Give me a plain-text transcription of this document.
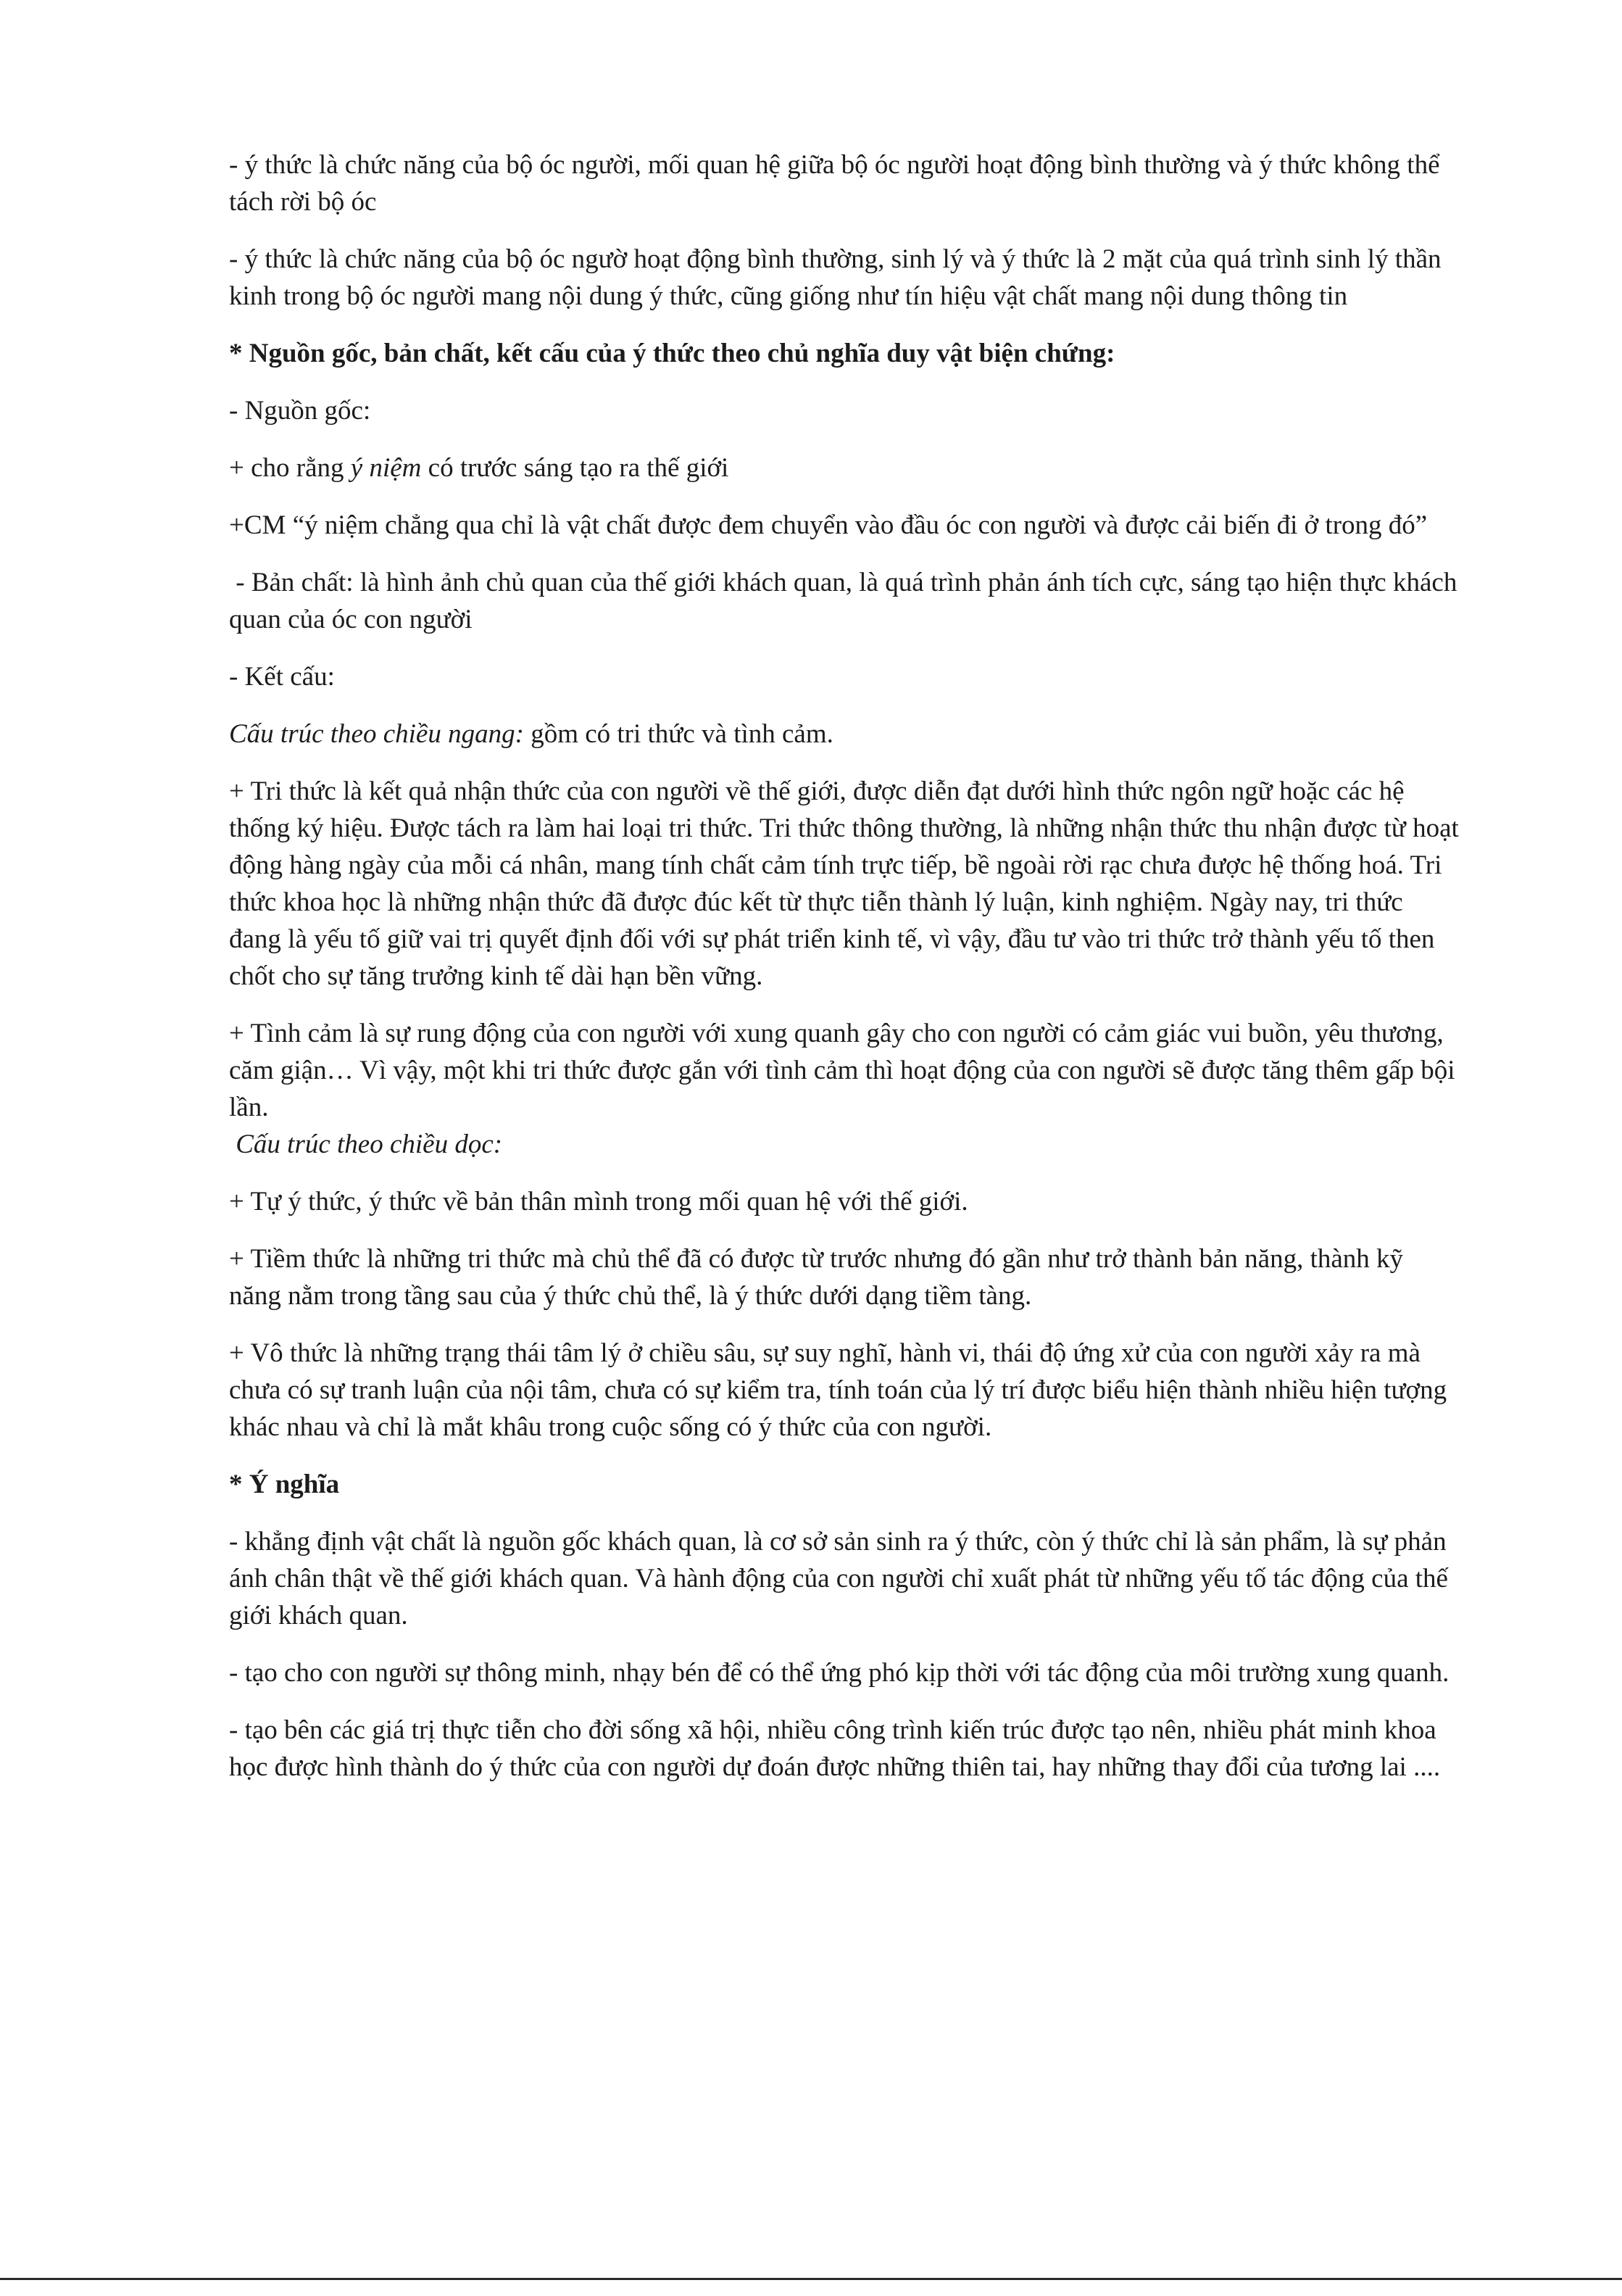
- ý thức là chức năng của bộ óc người, mối quan hệ giữa bộ óc người hoạt động bình thường và ý thức không thể tách rời bộ óc

- ý thức là chức năng của bộ óc ngườ hoạt động bình thường, sinh lý và ý thức là 2 mặt của quá trình sinh lý thần kinh trong bộ óc người mang nội dung ý thức, cũng giống như tín hiệu vật chất mang nội dung thông tin

* Nguồn gốc, bản chất, kết cấu của ý thức theo chủ nghĩa duy vật biện chứng:

- Nguồn gốc:

+ cho rằng ý niệm có trước sáng tạo ra thế giới

+CM “ý niệm chẳng qua chỉ là vật chất được đem chuyển vào đầu óc con người và được cải biến đi ở trong đó”

- Bản chất: là hình ảnh chủ quan của thế giới khách quan, là quá trình phản ánh tích cực, sáng tạo hiện thực khách quan của óc con người

- Kết cấu:

Cấu trúc theo chiều ngang: gồm có tri thức và tình cảm.

+ Tri thức là kết quả nhận thức của con người về thế giới, được diễn đạt dưới hình thức ngôn ngữ hoặc các hệ thống ký hiệu. Được tách ra làm hai loại tri thức. Tri thức thông thường, là những nhận thức thu nhận được từ hoạt động hàng ngày của mỗi cá nhân, mang tính chất cảm tính trực tiếp, bề ngoài rời rạc chưa được hệ thống hoá. Tri thức khoa học là những nhận thức đã được đúc kết từ thực tiễn thành lý luận, kinh nghiệm. Ngày nay, tri thức đang là yếu tố giữ vai trị quyết định đối với sự phát triển kinh tế, vì vậy, đầu tư vào tri thức trở thành yếu tố then chốt cho sự tăng trưởng kinh tế dài hạn bền vững.

+ Tình cảm là sự rung động của con người với xung quanh gây cho con người có cảm giác vui buồn, yêu thương, căm giận… Vì vậy, một khi tri thức được gắn với tình cảm thì hoạt động của con người sẽ được tăng thêm gấp bội lần.

Cấu trúc theo chiều dọc:

+ Tự ý thức, ý thức về bản thân mình trong mối quan hệ với thế giới.

+ Tiềm thức là những tri thức mà chủ thể đã có được từ trước nhưng đó gần như trở thành bản năng, thành kỹ năng nằm trong tầng sau của ý thức chủ thể, là ý thức dưới dạng tiềm tàng.

+ Vô thức là những trạng thái tâm lý ở chiều sâu, sự suy nghĩ, hành vi, thái độ ứng xử của con người xảy ra mà chưa có sự tranh luận của nội tâm, chưa có sự kiểm tra, tính toán của lý trí được biểu hiện thành nhiều hiện tượng khác nhau và chỉ là mắt khâu trong cuộc sống có ý thức của con người.

* Ý nghĩa

- khẳng định vật chất là nguồn gốc khách quan, là cơ sở sản sinh ra ý thức, còn ý thức chỉ là sản phẩm, là sự phản ánh chân thật về thế giới khách quan. Và hành động của con người chỉ xuất phát từ những yếu tố tác động của thế giới khách quan.

- tạo cho con người sự thông minh, nhạy bén để có thể ứng phó kịp thời với tác động của môi trường xung quanh.

- tạo bên các giá trị thực tiễn cho đời sống xã hội, nhiều công trình kiến trúc được tạo nên, nhiều phát minh khoa học được hình thành do ý thức của con người dự đoán được những thiên tai, hay những thay đổi của tương lai ....
